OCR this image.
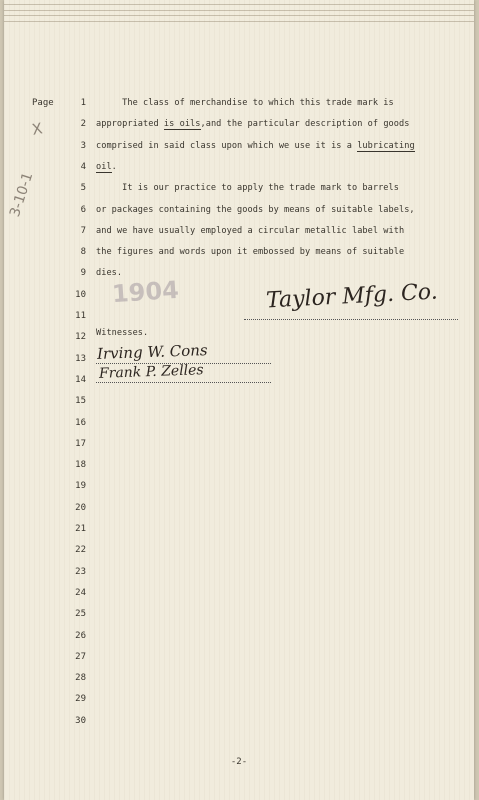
Page	1
2
3
4
5
6
7
8
9
10
11
12
13
14
15
16
17
18
19
20
21
22
23
24
25
26
27
28
29
30
The class of merchandise to which this trade mark is
appropriated is oils,and the particular description of goods
comprised in said class upon which we use it is a lubricating
oil.
It is our practice to apply the trade mark to barrels
or packages containing the goods by means of suitable labels,
and we have usually employed a circular metallic label with
the figures and words upon it embossed by means of suitable
dies.
X
3-10-1
1904	Taylor Mfg. Co.
Witnesses.
Irving W. Cons
Frank P. Zelles
-2-
